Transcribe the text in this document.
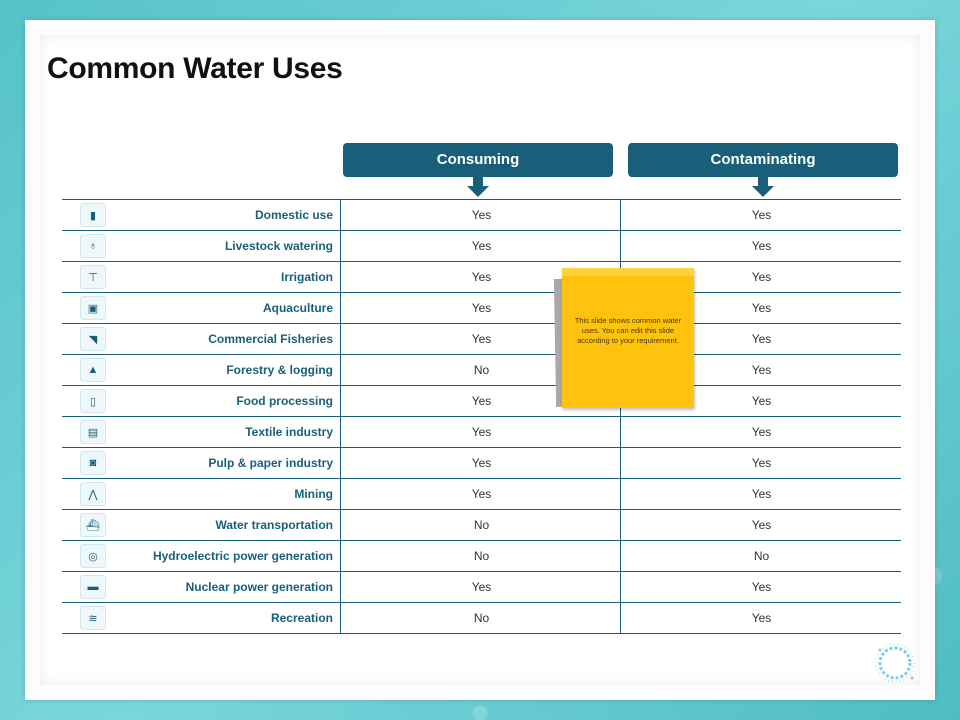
Common Water Uses
Consuming	Contaminating
▮	Domestic use	Yes	Yes
♁	Livestock watering	Yes	Yes
⊤	Irrigation	Yes	Yes
▣	Aquaculture	Yes	Yes
◥	Commercial Fisheries	Yes	Yes
▲	Forestry & logging	No	Yes
▯	Food processing	Yes	Yes
▤	Textile industry	Yes	Yes
◙	Pulp & paper industry	Yes	Yes
⋀	Mining	Yes	Yes
⛴	Water transportation	No	Yes
◎	Hydroelectric power generation	No	No
▬	Nuclear power generation	Yes	Yes
≋	Recreation	No	Yes
This slide shows common water uses. You can edit this slide according to your requirement.
